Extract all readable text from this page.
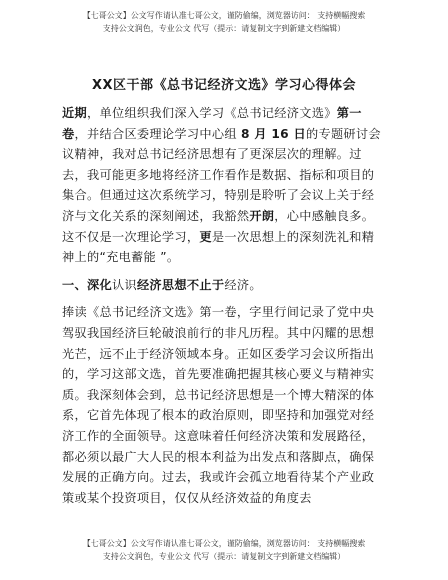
【七哥公文】公文写作请认准七哥公文，谨防偷编，浏览器访问： 支持横幅搜索
支持公文润色，专业公文 代写（提示：请复制文字到新建文档编辑）
XX区干部《总书记经济文选》学习心得体会

近期，单位组织我们深入学习《总书记经济文选》第一卷，并结合区委理论学习中心组 8 月 16 日的专题研讨会议精神，我对总书记经济思想有了更深层次的理解。过去，我可能更多地将经济工作看作是数据、指标和项目的集合。但通过这次系统学习，特别是聆听了会议上关于经济与文化关系的深刻阐述，我豁然开朗，心中感触良多。这不仅是一次理论学习，更是一次思想上的深刻洗礼和精神上的“充电蓄能 ”。

一、深化认识经济思想不止于经济。

捧读《总书记经济文选》第一卷，字里行间记录了党中央驾驭我国经济巨轮破浪前行的非凡历程。其中闪耀的思想光芒，远不止于经济领域本身。正如区委学习会议所指出的，学习这部文选，首先要准确把握其核心要义与精神实质。我深刻体会到，总书记经济思想是一个博大精深的体系，它首先体现了根本的政治原则，即坚持和加强党对经济工作的全面领导。这意味着任何经济决策和发展路径，都必须以最广大人民的根本利益为出发点和落脚点，确保发展的正确方向。过去，我或许会孤立地看待某个产业政策或某个投资项目，仅仅从经济效益的角度去

【七哥公文】公文写作请认准七哥公文，谨防偷编，浏览器访问： 支持横幅搜索
支持公文润色，专业公文 代写（提示：请复制文字到新建文档编辑）
